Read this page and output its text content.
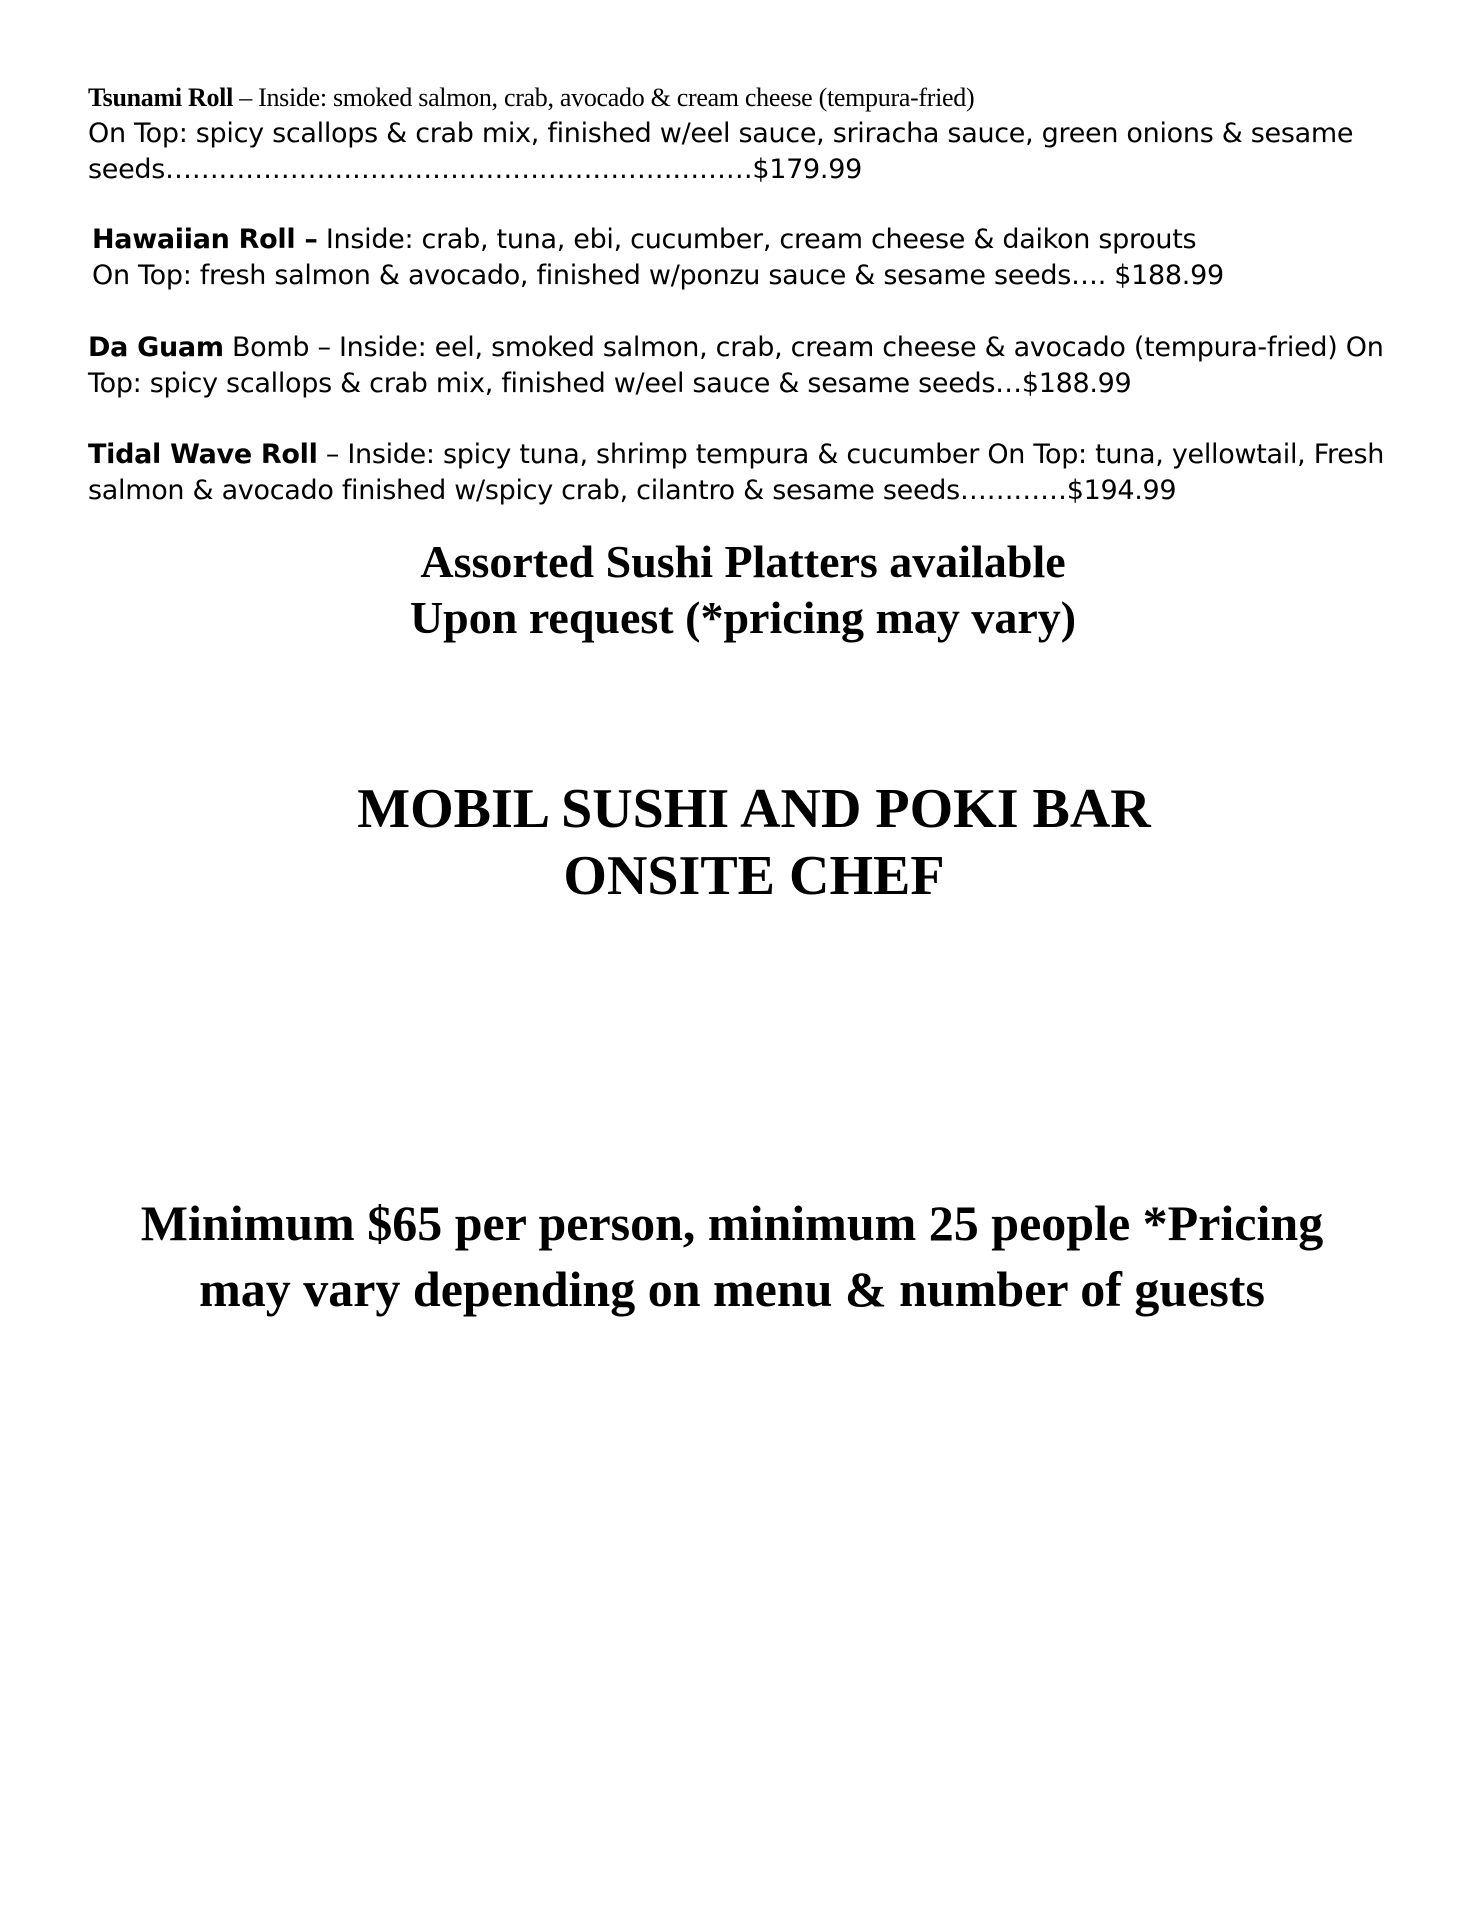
Tsunami Roll – Inside: smoked salmon, crab, avocado & cream cheese (tempura-fried)
On Top: spicy scallops & crab mix, finished w/eel sauce, sriracha sauce, green onions & sesame seeds…………………………………………………………$179.99
Hawaiian Roll – Inside: crab, tuna, ebi, cucumber, cream cheese & daikon sprouts
On Top: fresh salmon & avocado, finished w/ponzu sauce & sesame seeds…. $188.99
Da Guam Bomb – Inside: eel, smoked salmon, crab, cream cheese & avocado (tempura-fried) On Top: spicy scallops & crab mix, finished w/eel sauce & sesame seeds…$188.99
Tidal Wave Roll – Inside: spicy tuna, shrimp tempura & cucumber On Top: tuna, yellowtail, Fresh salmon & avocado finished w/spicy crab, cilantro & sesame seeds…………$194.99
Assorted Sushi Platters available
Upon request (*pricing may vary)
MOBIL SUSHI AND POKI BAR
ONSITE CHEF
Minimum $65 per person, minimum 25 people *Pricing
may vary depending on menu & number of guests
